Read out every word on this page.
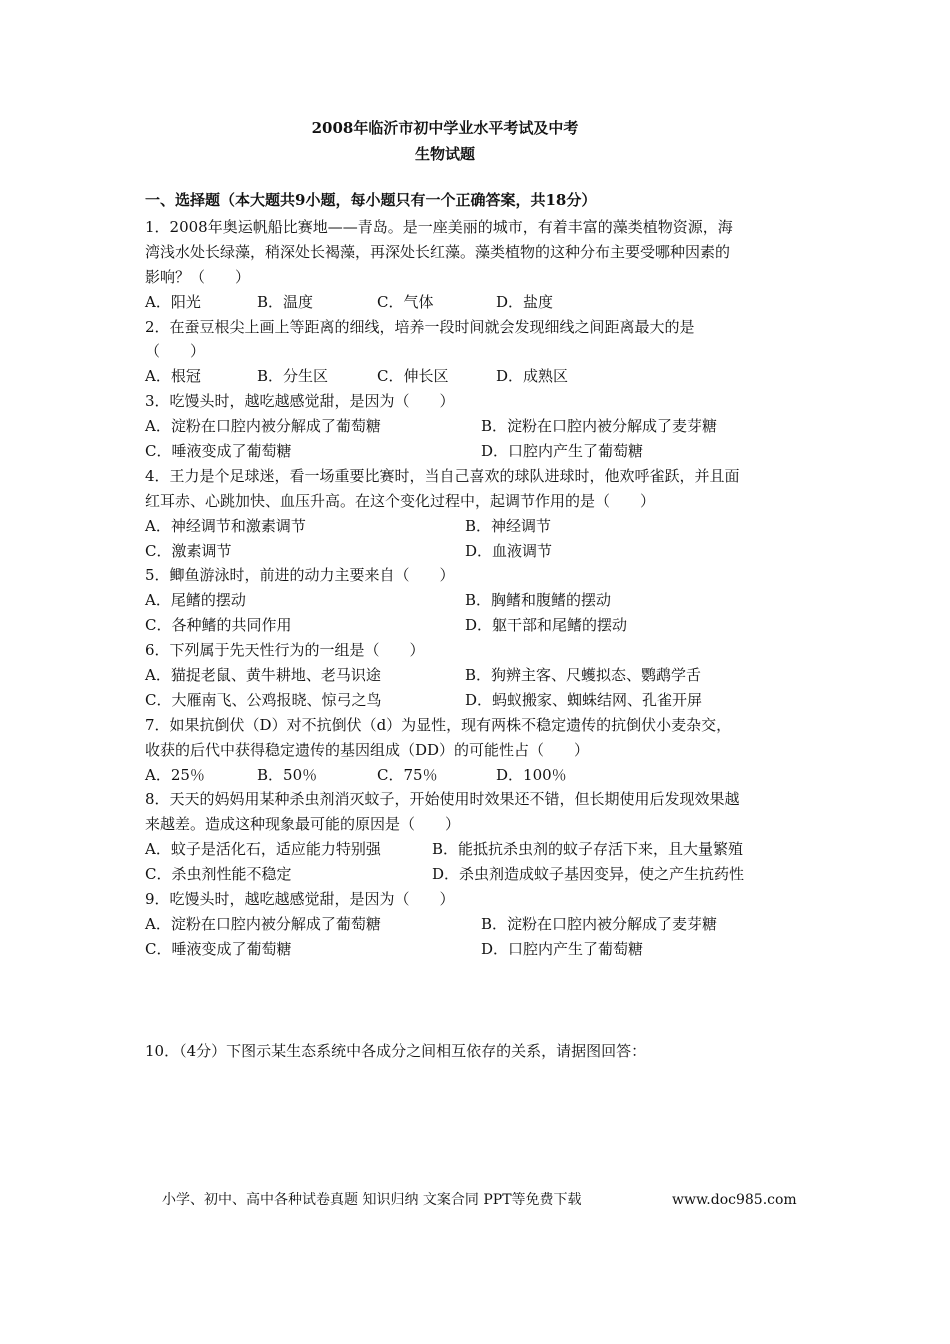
2008年临沂市初中学业水平考试及中考
生物试题
一、选择题（本大题共9小题，每小题只有一个正确答案，共18分）
1．2008年奥运帆船比赛地——青岛。是一座美丽的城市，有着丰富的藻类植物资源，海
湾浅水处长绿藻，稍深处长褐藻，再深处长红藻。藻类植物的这种分布主要受哪种因素的
影响？（　　）
A．阳光	B．温度	C．气体	D．盐度
2．在蚕豆根尖上画上等距离的细线，培养一段时间就会发现细线之间距离最大的是
（　　）
A．根冠	B．分生区	C．伸长区	D．成熟区
3．吃馒头时，越吃越感觉甜，是因为（　　）
A．淀粉在口腔内被分解成了葡萄糖	B．淀粉在口腔内被分解成了麦芽糖
C．唾液变成了葡萄糖	D．口腔内产生了葡萄糖
4．王力是个足球迷，看一场重要比赛时，当自己喜欢的球队进球时，他欢呼雀跃，并且面
红耳赤、心跳加快、血压升高。在这个变化过程中，起调节作用的是（　　）
A．神经调节和激素调节	B．神经调节
C．激素调节	D．血液调节
5．鲫鱼游泳时，前进的动力主要来自（　　）
A．尾鳍的摆动	B．胸鳍和腹鳍的摆动
C．各种鳍的共同作用	D．躯干部和尾鳍的摆动
6．下列属于先天性行为的一组是（　　）
A．猫捉老鼠、黄牛耕地、老马识途	B．狗辨主客、尺蠖拟态、鹦鹉学舌
C．大雁南飞、公鸡报晓、惊弓之鸟	D．蚂蚁搬家、蜘蛛结网、孔雀开屏
7．如果抗倒伏（D）对不抗倒伏（d）为显性，现有两株不稳定遗传的抗倒伏小麦杂交，
收获的后代中获得稳定遗传的基因组成（DD）的可能性占（　　）
A．25％	B．50％	C．75％	D．100％
8．天天的妈妈用某种杀虫剂消灭蚊子，开始使用时效果还不错，但长期使用后发现效果越
来越差。造成这种现象最可能的原因是（　　）
A．蚊子是活化石，适应能力特别强	B．能抵抗杀虫剂的蚊子存活下来，且大量繁殖
C．杀虫剂性能不稳定	D．杀虫剂造成蚊子基因变异，使之产生抗药性
9．吃馒头时，越吃越感觉甜，是因为（　　）
A．淀粉在口腔内被分解成了葡萄糖	B．淀粉在口腔内被分解成了麦芽糖
C．唾液变成了葡萄糖	D．口腔内产生了葡萄糖
10．（4分）下图示某生态系统中各成分之间相互依存的关系，请据图回答：
小学、初中、高中各种试卷真题 知识归纳 文案合同 PPT等免费下载	www.doc985.com
